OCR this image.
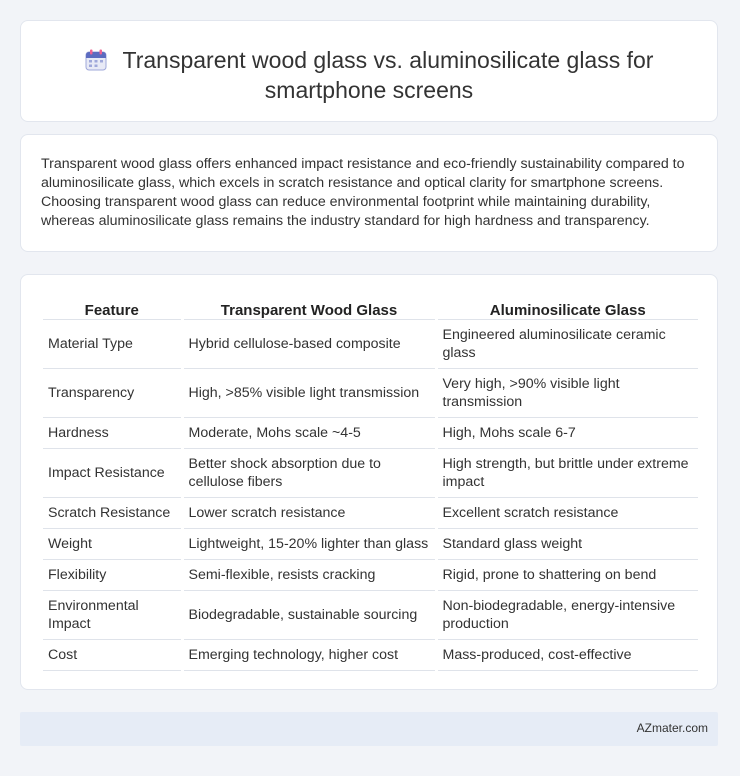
Transparent wood glass vs. aluminosilicate glass for
smartphone screens
Transparent wood glass offers enhanced impact resistance and eco-friendly sustainability compared to aluminosilicate glass, which excels in scratch resistance and optical clarity for smartphone screens. Choosing transparent wood glass can reduce environmental footprint while maintaining durability, whereas aluminosilicate glass remains the industry standard for high hardness and transparency.
Feature	Transparent Wood Glass	Aluminosilicate Glass
Material Type	Hybrid cellulose-based composite	Engineered aluminosilicate ceramic glass
Transparency	High, >85% visible light transmission	Very high, >90% visible light transmission
Hardness	Moderate, Mohs scale ~4-5	High, Mohs scale 6-7
Impact Resistance	Better shock absorption due to cellulose fibers	High strength, but brittle under extreme impact
Scratch Resistance	Lower scratch resistance	Excellent scratch resistance
Weight	Lightweight, 15-20% lighter than glass	Standard glass weight
Flexibility	Semi-flexible, resists cracking	Rigid, prone to shattering on bend
Environmental Impact	Biodegradable, sustainable sourcing	Non-biodegradable, energy-intensive production
Cost	Emerging technology, higher cost	Mass-produced, cost-effective
AZmater.com
